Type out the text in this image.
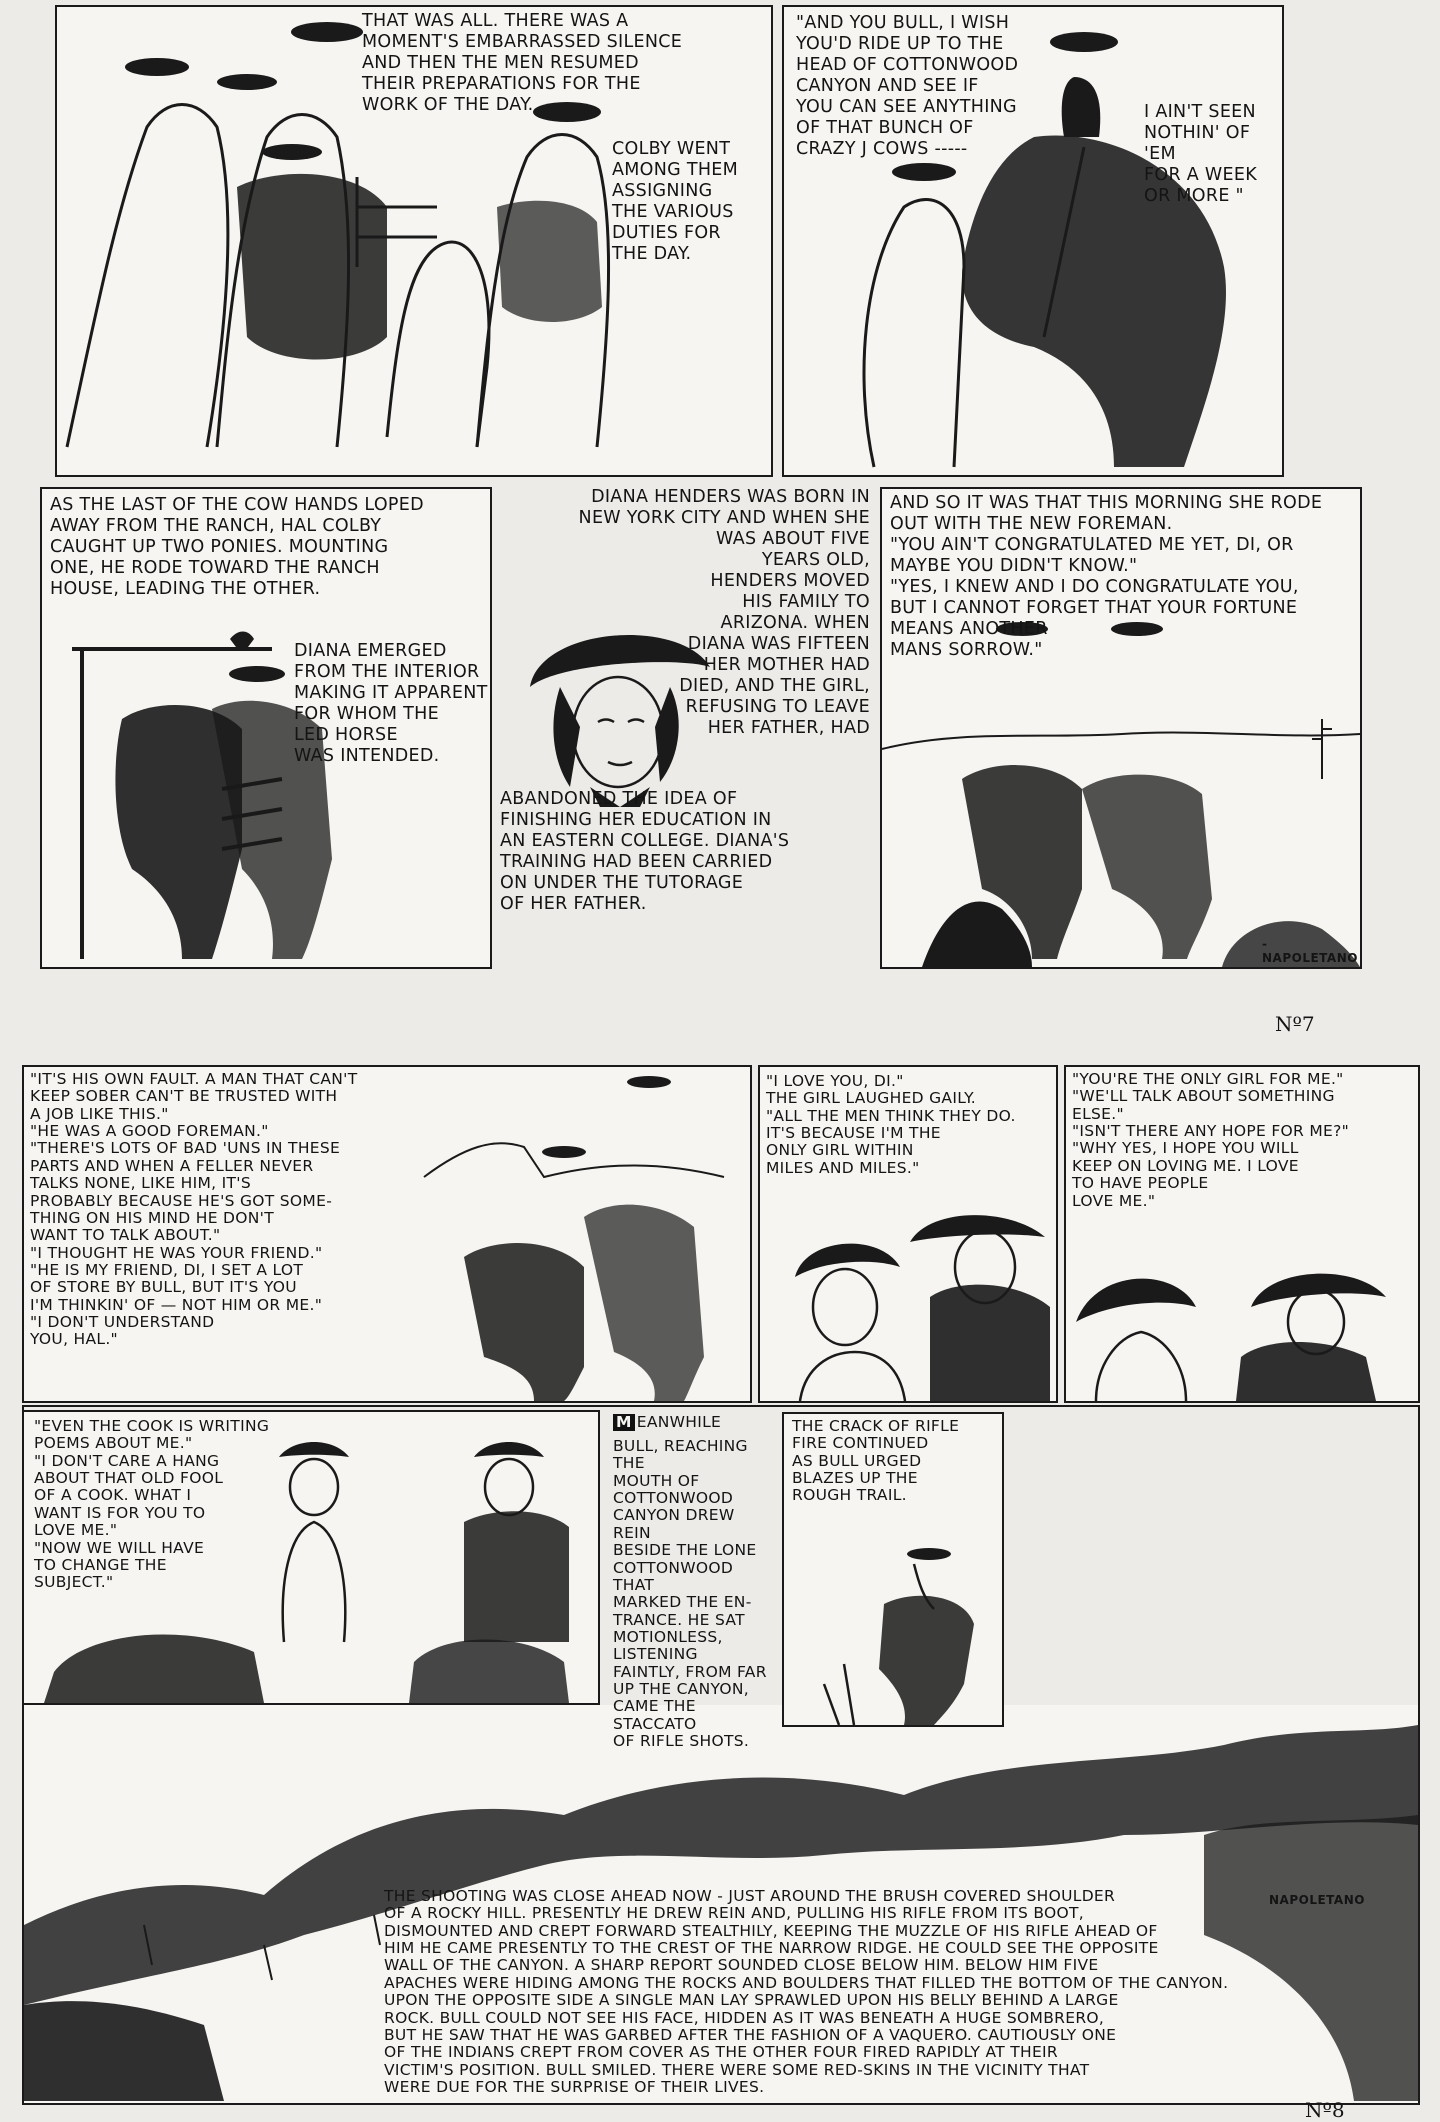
THAT WAS ALL. THERE WAS A
MOMENT'S EMBARRASSED SILENCE
AND THEN THE MEN RESUMED
THEIR PREPARATIONS FOR THE
WORK OF THE DAY.

COLBY WENT
AMONG THEM
ASSIGNING
THE VARIOUS
DUTIES FOR
THE DAY.

"AND YOU BULL, I WISH
YOU'D RIDE UP TO THE
HEAD OF COTTONWOOD
CANYON AND SEE IF
YOU CAN SEE ANYTHING
OF THAT BUNCH OF
CRAZY J COWS -----

I AIN'T SEEN
NOTHIN' OF 'EM
FOR A WEEK
OR MORE "

AS THE LAST OF THE COW HANDS LOPED
AWAY FROM THE RANCH, HAL COLBY
CAUGHT UP TWO PONIES. MOUNTING
ONE, HE RODE TOWARD THE RANCH
HOUSE, LEADING THE OTHER.

DIANA EMERGED
FROM THE INTERIOR
MAKING IT APPARENT
FOR WHOM THE
LED HORSE
WAS INTENDED.

DIANA HENDERS WAS BORN IN
NEW YORK CITY AND WHEN SHE
WAS ABOUT FIVE
YEARS OLD,
HENDERS MOVED
HIS FAMILY TO
ARIZONA. WHEN
DIANA WAS FIFTEEN
HER MOTHER HAD
DIED, AND THE GIRL,
REFUSING TO LEAVE
HER FATHER, HAD

ABANDONED THE IDEA OF
FINISHING HER EDUCATION IN
AN EASTERN COLLEGE. DIANA'S
TRAINING HAD BEEN CARRIED
ON UNDER THE TUTORAGE
OF HER FATHER.

AND SO IT WAS THAT THIS MORNING SHE RODE
OUT WITH THE NEW FOREMAN.
"YOU AIN'T CONGRATULATED ME YET, DI, OR
MAYBE YOU DIDN'T KNOW."
"YES, I KNEW AND I DO CONGRATULATE YOU,
BUT I CANNOT FORGET THAT YOUR FORTUNE
MEANS ANOTHER
MANS SORROW."

-NAPOLETANO
Nº7

"IT'S HIS OWN FAULT. A MAN THAT CAN'T
KEEP SOBER CAN'T BE TRUSTED WITH
A JOB LIKE THIS."
"HE WAS A GOOD FOREMAN."
"THERE'S LOTS OF BAD 'UNS IN THESE
PARTS AND WHEN A FELLER NEVER
TALKS NONE, LIKE HIM, IT'S
PROBABLY BECAUSE HE'S GOT SOME-
THING ON HIS MIND HE DON'T
WANT TO TALK ABOUT."
"I THOUGHT HE WAS YOUR FRIEND."
"HE IS MY FRIEND, DI, I SET A LOT
OF STORE BY BULL, BUT IT'S YOU
I'M THINKIN' OF — NOT HIM OR ME."
"I DON'T UNDERSTAND
YOU, HAL."

"I LOVE YOU, DI."
THE GIRL LAUGHED GAILY.
"ALL THE MEN THINK THEY DO.
IT'S BECAUSE I'M THE
ONLY GIRL WITHIN
MILES AND MILES."

"YOU'RE THE ONLY GIRL FOR ME."
"WE'LL TALK ABOUT SOMETHING
ELSE."
"ISN'T THERE ANY HOPE FOR ME?"
"WHY YES, I HOPE YOU WILL
KEEP ON LOVING ME. I LOVE
TO HAVE PEOPLE
LOVE ME."

"EVEN THE COOK IS WRITING
POEMS ABOUT ME."
"I DON'T CARE A HANG
ABOUT THAT OLD FOOL
OF A COOK. WHAT I
WANT IS FOR YOU TO
LOVE ME."
"NOW WE WILL HAVE
TO CHANGE THE
SUBJECT."

THE SHOOTING WAS CLOSE AHEAD NOW - JUST AROUND THE BRUSH COVERED SHOULDER
OF A ROCKY HILL. PRESENTLY HE DREW REIN AND, PULLING HIS RIFLE FROM ITS BOOT,
DISMOUNTED AND CREPT FORWARD STEALTHILY, KEEPING THE MUZZLE OF HIS RIFLE AHEAD OF
HIM HE CAME PRESENTLY TO THE CREST OF THE NARROW RIDGE. HE COULD SEE THE OPPOSITE
WALL OF THE CANYON. A SHARP REPORT SOUNDED CLOSE BELOW HIM. BELOW HIM FIVE
APACHES WERE HIDING AMONG THE ROCKS AND BOULDERS THAT FILLED THE BOTTOM OF THE CANYON.
UPON THE OPPOSITE SIDE A SINGLE MAN LAY SPRAWLED UPON HIS BELLY BEHIND A LARGE
ROCK. BULL COULD NOT SEE HIS FACE, HIDDEN AS IT WAS BENEATH A HUGE SOMBRERO,
BUT HE SAW THAT HE WAS GARBED AFTER THE FASHION OF A VAQUERO. CAUTIOUSLY ONE
OF THE INDIANS CREPT FROM COVER AS THE OTHER FOUR FIRED RAPIDLY AT THEIR
VICTIM'S POSITION. BULL SMILED. THERE WERE SOME RED-SKINS IN THE VICINITY THAT
WERE DUE FOR THE SURPRISE OF THEIR LIVES.

NAPOLETANO

M EANWHILE

BULL, REACHING THE
MOUTH OF COTTONWOOD
CANYON DREW REIN
BESIDE THE LONE
COTTONWOOD THAT
MARKED THE EN-
TRANCE. HE SAT
MOTIONLESS, LISTENING
FAINTLY, FROM FAR
UP THE CANYON,
CAME THE STACCATO
OF RIFLE SHOTS.

THE CRACK OF RIFLE
FIRE CONTINUED
AS BULL URGED
BLAZES UP THE
ROUGH TRAIL.

Nº8
